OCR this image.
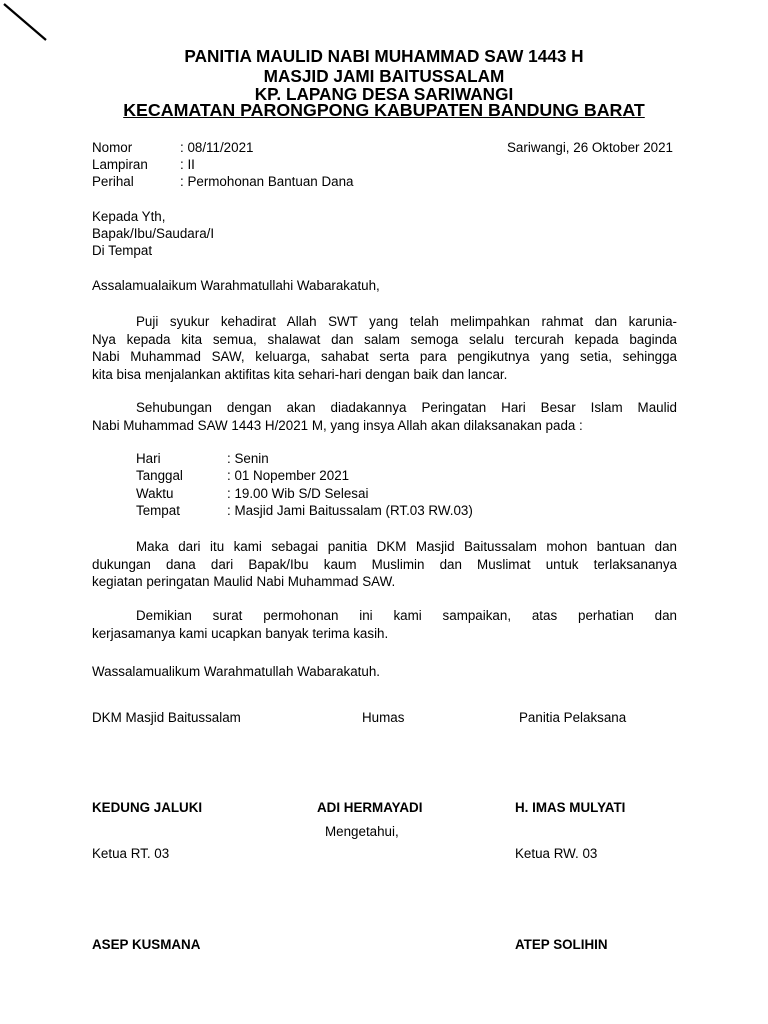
PANITIA MAULID NABI MUHAMMAD SAW 1443 H
MASJID JAMI BAITUSSALAM
KP. LAPANG DESA SARIWANGI
KECAMATAN PARONGPONG KABUPATEN BANDUNG BARAT
Nomor	: 08/11/2021
Lampiran : II
Perihal	: Permohonan Bantuan Dana
Sariwangi, 26 Oktober 2021
Kepada Yth,
Bapak/Ibu/Saudara/I
Di Tempat
Assalamualaikum Warahmatullahi Wabarakatuh,
Puji syukur kehadirat Allah SWT yang telah melimpahkan rahmat dan karunia-
Nya kepada kita semua, shalawat dan salam semoga selalu tercurah kepada baginda
Nabi Muhammad SAW, keluarga, sahabat serta para pengikutnya yang setia, sehingga
kita bisa menjalankan aktifitas kita sehari-hari dengan baik dan lancar.
Sehubungan dengan akan diadakannya Peringatan Hari Besar Islam Maulid
Nabi Muhammad SAW 1443 H/2021 M, yang insya Allah akan dilaksanakan pada :
Hari	: Senin
Tanggal	: 01 Nopember 2021
Waktu	: 19.00 Wib S/D Selesai
Tempat	: Masjid Jami Baitussalam (RT.03 RW.03)
Maka dari itu kami sebagai panitia DKM Masjid Baitussalam mohon bantuan dan
dukungan dana dari Bapak/Ibu kaum Muslimin dan Muslimat untuk terlaksananya
kegiatan peringatan Maulid Nabi Muhammad SAW.
Demikian surat permohonan ini kami sampaikan, atas perhatian dan
kerjasamanya kami ucapkan banyak terima kasih.
Wassalamualikum Warahmatullah Wabarakatuh.
DKM Masjid Baitussalam	Humas	Panitia Pelaksana
KEDUNG JALUKI	ADI HERMAYADI	H. IMAS MULYATI
Mengetahui,
Ketua RT. 03	Ketua RW. 03
ASEP KUSMANA	ATEP SOLIHIN
